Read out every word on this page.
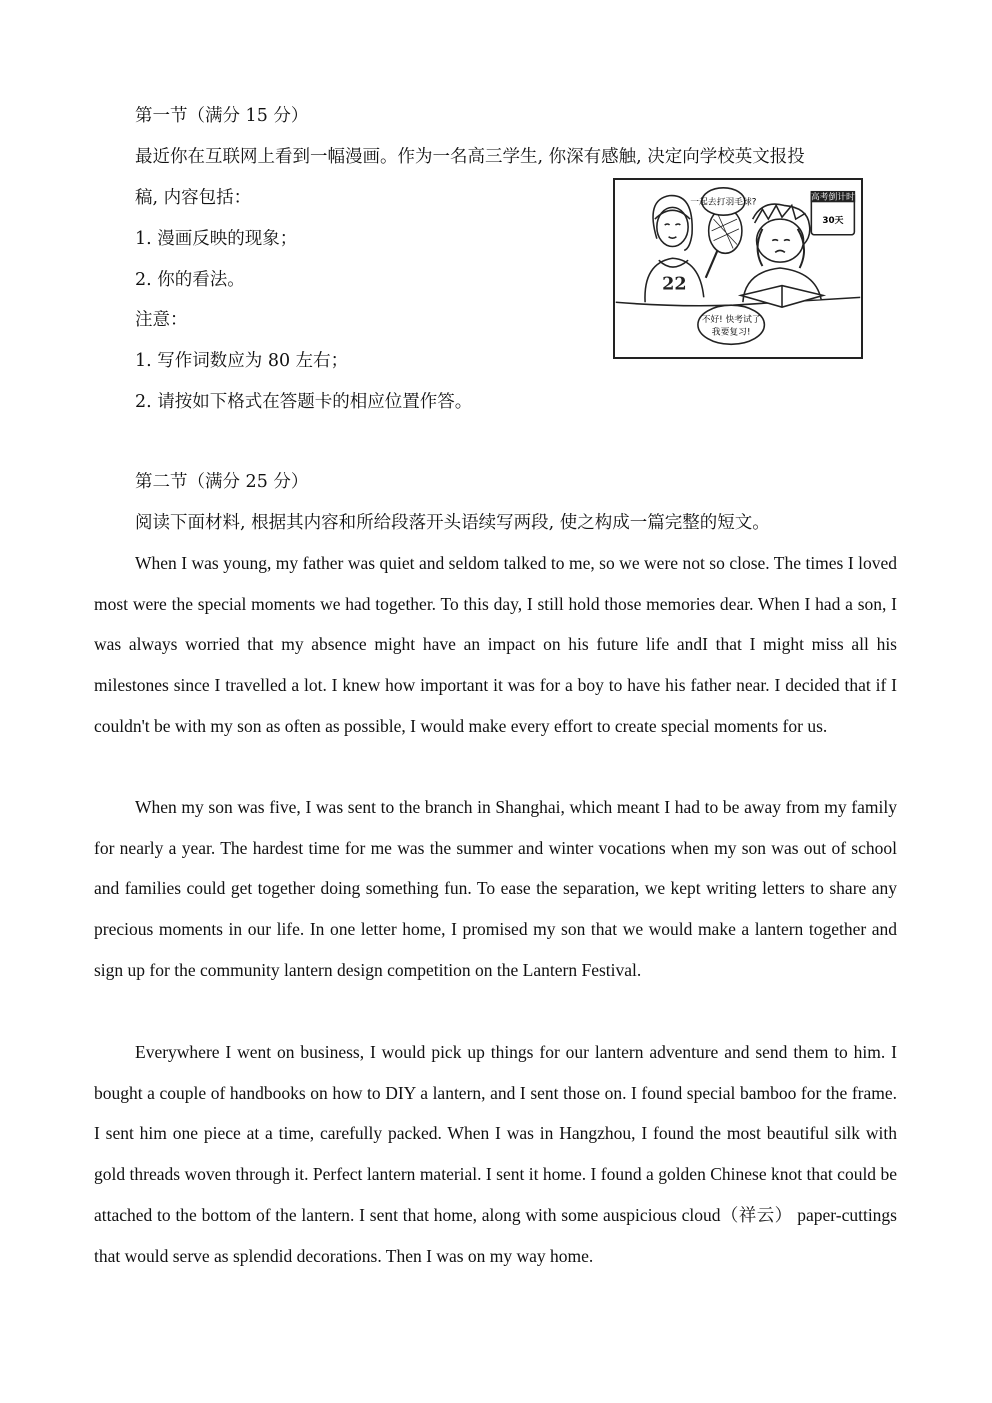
第一节（满分 15 分）
最近你在互联网上看到一幅漫画。作为一名高三学生, 你深有感触, 决定向学校英文报投
稿, 内容包括：
1. 漫画反映的现象；
2. 你的看法。
注意：
1. 写作词数应为 80 左右；
2. 请按如下格式在答题卡的相应位置作答。
22
一起去打羽毛球?	高考倒计时
30天
不好! 快考试了
我要复习!
第二节（满分 25 分）
阅读下面材料, 根据其内容和所给段落开头语续写两段, 使之构成一篇完整的短文。
When I was young, my father was quiet and seldom talked to me, so we were not so close. The times I loved most were the special moments we had together. To this day, I still hold those memories dear. When I had a son, I was always worried that my absence might have an impact on his future life andI that I might miss all his milestones since I travelled a lot. I knew how important it was for a boy to have his father near. I decided that if I couldn't be with my son as often as possible, I would make every effort to create special moments for us.
When my son was five, I was sent to the branch in Shanghai, which meant I had to be away from my family for nearly a year. The hardest time for me was the summer and winter vocations when my son was out of school and families could get together doing something fun. To ease the separation, we kept writing letters to share any precious moments in our life. In one letter home, I promised my son that we would make a lantern together and sign up for the community lantern design competition on the Lantern Festival.
Everywhere I went on business, I would pick up things for our lantern adventure and send them to him. I bought a couple of handbooks on how to DIY a lantern, and I sent those on. I found special bamboo for the frame. I sent him one piece at a time, carefully packed. When I was in Hangzhou, I found the most beautiful silk with gold threads woven through it. Perfect lantern material. I sent it home. I found a golden Chinese knot that could be attached to the bottom of the lantern. I sent that home, along with some auspicious cloud（祥云） paper-cuttings that would serve as splendid decorations. Then I was on my way home.
